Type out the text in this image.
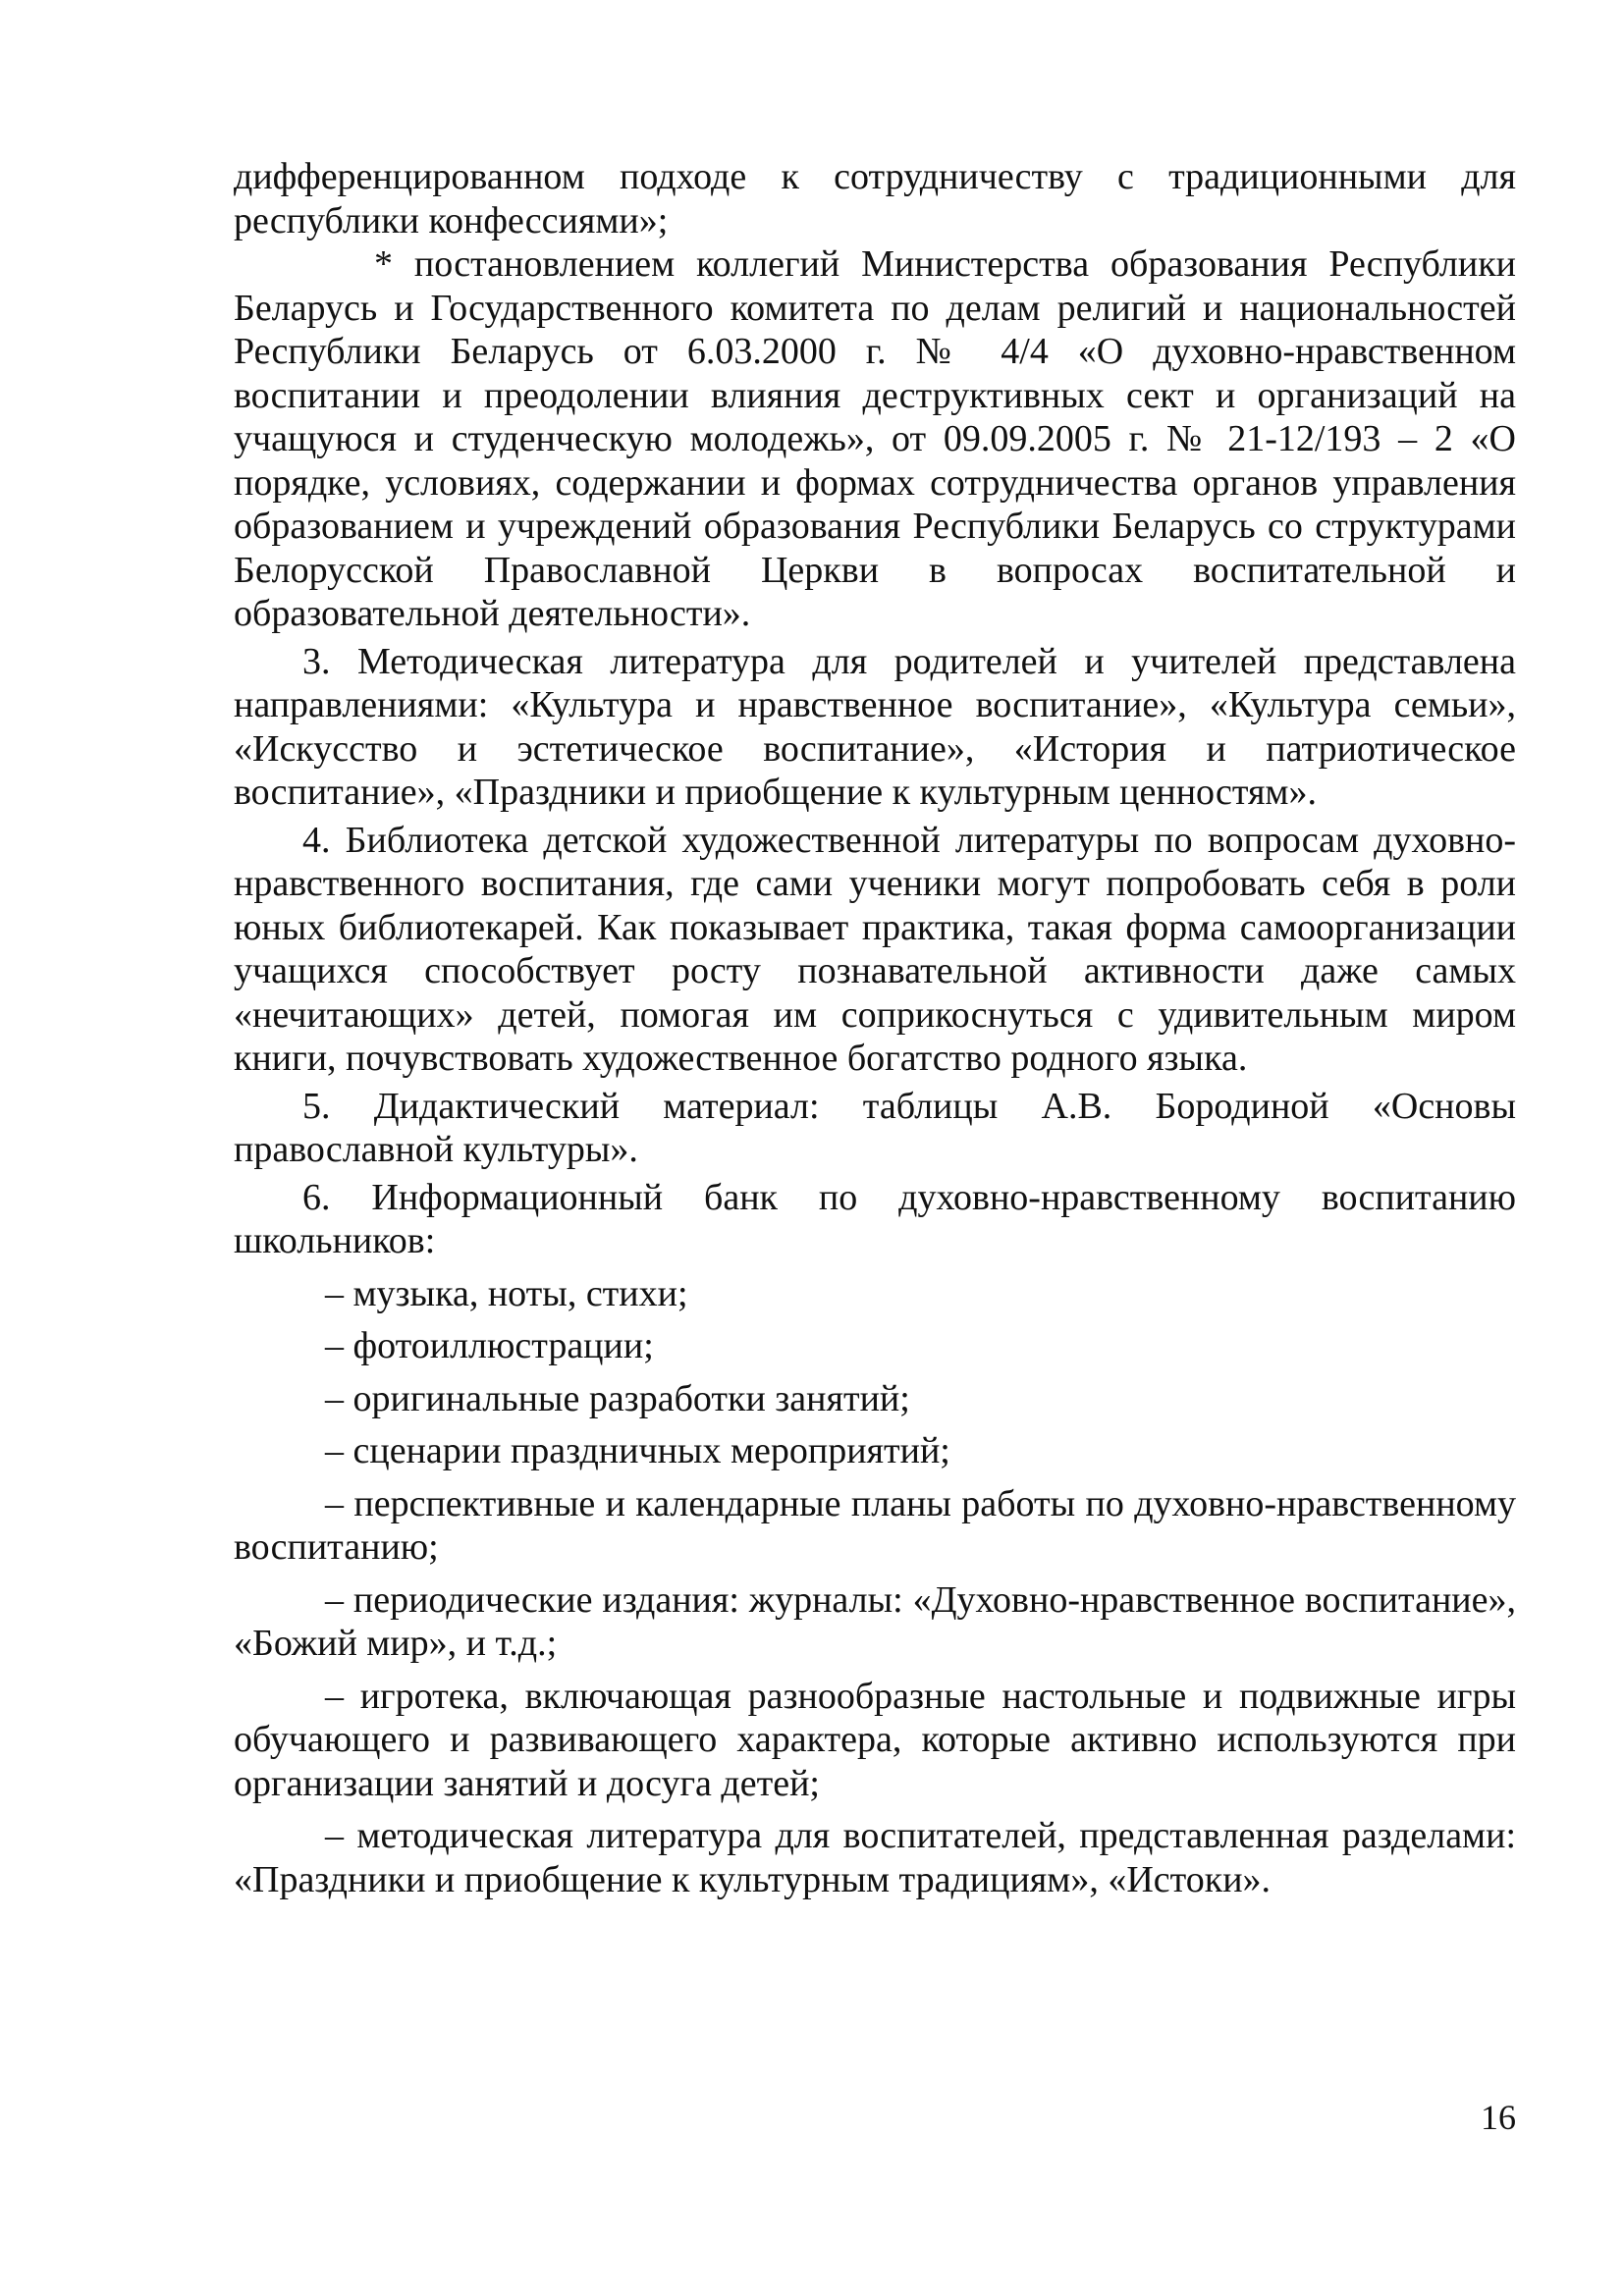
дифференцированном подходе к сотрудничеству с традиционными для республики конфессиями»;

* постановлением коллегий Министерства образования Республики Беларусь и Государственного комитета по делам религий и национальностей Республики Беларусь от 6.03.2000 г. № 4/4 «О духовно-нравственном воспитании и преодолении влияния деструктивных сект и организаций на учащуюся и студенческую молодежь», от 09.09.2005 г. № 21-12/193 – 2 «О порядке, условиях, содержании и формах сотрудничества органов управления образованием и учреждений образования Республики Беларусь со структурами Белорусской Православной Церкви в вопросах воспитательной и образовательной деятельности».

3. Методическая литература для родителей и учителей представлена направлениями: «Культура и нравственное воспитание», «Культура семьи», «Искусство и эстетическое воспитание», «История и патриотическое воспитание», «Праздники и приобщение к культурным ценностям».

4. Библиотека детской художественной литературы по вопросам духовно-нравственного воспитания, где сами ученики могут попробовать себя в роли юных библиотекарей. Как показывает практика, такая форма самоорганизации учащихся способствует росту познавательной активности даже самых «нечитающих» детей, помогая им соприкоснуться с удивительным миром книги, почувствовать художественное богатство родного языка.

5. Дидактический материал: таблицы А.В. Бородиной «Основы православной культуры».

6. Информационный банк по духовно-нравственному воспитанию школьников:

– музыка, ноты, стихи;

– фотоиллюстрации;

– оригинальные разработки занятий;

– сценарии праздничных мероприятий;

– перспективные и календарные планы работы по духовно-нравственному воспитанию;

– периодические издания: журналы: «Духовно-нравственное воспитание», «Божий мир», и т.д.;

– игротека, включающая разнообразные настольные и подвижные игры обучающего и развивающего характера, которые активно используются при организации занятий и досуга детей;

– методическая литература для воспитателей, представленная разделами: «Праздники и приобщение к культурным традициям», «Истоки».

16
